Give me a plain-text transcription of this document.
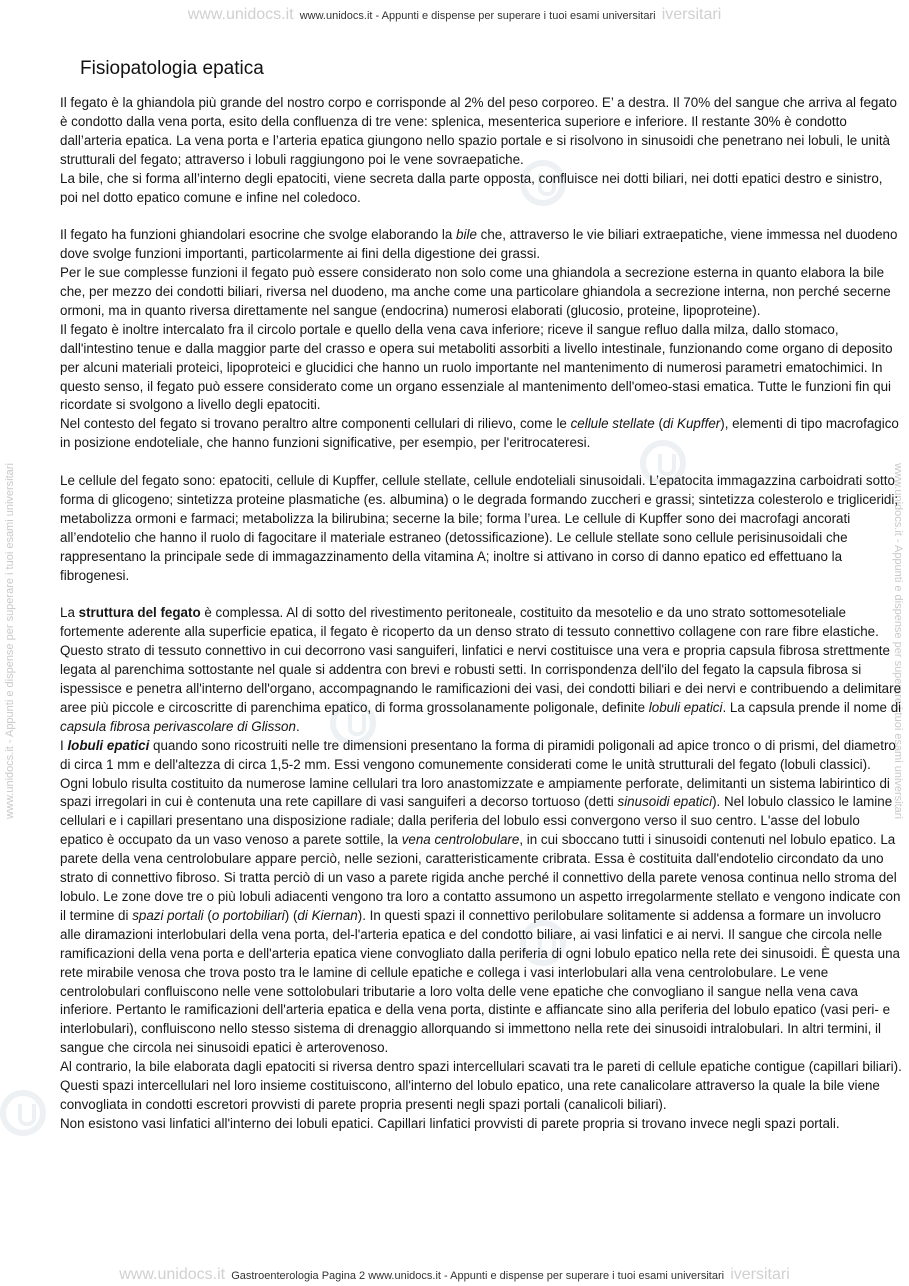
www.unidocs.it www.unidocs.it - Appunti e dispense per superare i tuoi esami universitari iversitari
www.unidocs.it - Appunti e dispense per superare i tuoi esami universitari	www.unidocs.it - Appunti e dispense per superare i tuoi esami universitari
Fisiopatologia epatica

Il fegato è la ghiandola più grande del nostro corpo e corrisponde al 2% del peso corporeo. E’ a destra. Il 70% del sangue che arriva al fegato è condotto dalla vena porta, esito della confluenza di tre vene: splenica, mesenterica superiore e inferiore. Il restante 30% è condotto dall’arteria epatica. La vena porta e l’arteria epatica giungono nello spazio portale e si risolvono in sinusoidi che penetrano nei lobuli, le unità strutturali del fegato; attraverso i lobuli raggiungono poi le vene sovraepatiche.

La bile, che si forma all’interno degli epatociti, viene secreta dalla parte opposta, confluisce nei dotti biliari, nei dotti epatici destro e sinistro, poi nel dotto epatico comune e infine nel coledoco.

Il fegato ha funzioni ghiandolari esocrine che svolge elaborando la bile che, attraverso le vie biliari extraepatiche, viene immessa nel duodeno dove svolge funzioni importanti, particolarmente ai fini della digestione dei grassi.

Per le sue complesse funzioni il fegato può essere considerato non solo come una ghiandola a secrezione esterna in quanto elabora la bile che, per mezzo dei condotti biliari, riversa nel duodeno, ma anche come una particolare ghiandola a secrezione interna, non perché secerne ormoni, ma in quanto riversa direttamente nel sangue (endocrina) numerosi elaborati (glucosio, proteine, lipoproteine).

Il fegato è inoltre intercalato fra il circolo portale e quello della vena cava inferiore; riceve il sangue refluo dalla milza, dallo stomaco, dall'intestino tenue e dalla maggior parte del crasso e opera sui metaboliti assorbiti a livello intestinale, funzionando come organo di deposito per alcuni materiali proteici, lipoproteici e glucidici che hanno un ruolo importante nel mantenimento di numerosi parametri ematochimici. In questo senso, il fegato può essere considerato come un organo essenziale al mantenimento dell'omeo-stasi ematica. Tutte le funzioni fin qui ricordate si svolgono a livello degli epatociti.

Nel contesto del fegato si trovano peraltro altre componenti cellulari di rilievo, come le cellule stellate (di Kupffer), elementi di tipo macrofagico in posizione endoteliale, che hanno funzioni significative, per esempio, per l'eritrocateresi.

Le cellule del fegato sono: epatociti, cellule di Kupffer, cellule stellate, cellule endoteliali sinusoidali. L’epatocita immagazzina carboidrati sotto forma di glicogeno; sintetizza proteine plasmatiche (es. albumina) o le degrada formando zuccheri e grassi; sintetizza colesterolo e trigliceridi; metabolizza ormoni e farmaci; metabolizza la bilirubina; secerne la bile; forma l’urea. Le cellule di Kupffer sono dei macrofagi ancorati all’endotelio che hanno il ruolo di fagocitare il materiale estraneo (detossificazione). Le cellule stellate sono cellule perisinusoidali che rappresentano la principale sede di immagazzinamento della vitamina A; inoltre si attivano in corso di danno epatico ed effettuano la fibrogenesi.

La struttura del fegato è complessa. Al di sotto del rivestimento peritoneale, costituito da mesotelio e da uno strato sottomesoteliale fortemente aderente alla superficie epatica, il fegato è ricoperto da un denso strato di tessuto connettivo collagene con rare fibre elastiche.

Questo strato di tessuto connettivo in cui decorrono vasi sanguiferi, linfatici e nervi costituisce una vera e propria capsula fibrosa strettmente legata al parenchima sottostante nel quale si addentra con brevi e robusti setti. In corrispondenza dell'ilo del fegato la capsula fibrosa si ispessisce e penetra all'interno dell'organo, accompagnando le ramificazioni dei vasi, dei condotti biliari e dei nervi e contribuendo a delimitare aree più piccole e circoscritte di parenchima epatico, di forma grossolanamente poligonale, definite lobuli epatici. La capsula prende il nome di capsula fibrosa perivascolare di Glisson.

I lobuli epatici quando sono ricostruiti nelle tre dimensioni presentano la forma di piramidi poligonali ad apice tronco o di prismi, del diametro di circa 1 mm e dell'altezza di circa 1,5-2 mm. Essi vengono comunemente considerati come le unità strutturali del fegato (lobuli classici).

Ogni lobulo risulta costituito da numerose lamine cellulari tra loro anastomizzate e ampiamente perforate, delimitanti un sistema labirintico di spazi irregolari in cui è contenuta una rete capillare di vasi sanguiferi a decorso tortuoso (detti sinusoidi epatici). Nel lobulo classico le lamine cellulari e i capillari presentano una disposizione radiale; dalla periferia del lobulo essi convergono verso il suo centro. L'asse del lobulo epatico è occupato da un vaso venoso a parete sottile, la vena centrolobulare, in cui sboccano tutti i sinusoidi contenuti nel lobulo epatico. La parete della vena centrolobulare appare perciò, nelle sezioni, caratteristicamente cribrata. Essa è costituita dall'endotelio circondato da uno strato di connettivo fibroso. Si tratta perciò di un vaso a parete rigida anche perché il connettivo della parete venosa continua nello stroma del lobulo. Le zone dove tre o più lobuli adiacenti vengono tra loro a contatto assumono un aspetto irregolarmente stellato e vengono indicate con il termine di spazi portali (o portobiliari) (di Kiernan). In questi spazi il connettivo perilobulare solitamente si addensa a formare un involucro alle diramazioni interlobulari della vena porta, del-l'arteria epatica e del condotto biliare, ai vasi linfatici e ai nervi. Il sangue che circola nelle ramificazioni della vena porta e dell'arteria epatica viene convogliato dalla periferia di ogni lobulo epatico nella rete dei sinusoidi. È questa una rete mirabile venosa che trova posto tra le lamine di cellule epatiche e collega i vasi interlobulari alla vena centrolobulare. Le vene centrolobulari confluiscono nelle vene sottolobulari tributarie a loro volta delle vene epatiche che convogliano il sangue nella vena cava inferiore. Pertanto le ramificazioni dell'arteria epatica e della vena porta, distinte e affiancate sino alla periferia del lobulo epatico (vasi peri- e interlobulari), confluiscono nello stesso sistema di drenaggio allorquando si immettono nella rete dei sinusoidi intralobulari. In altri termini, il sangue che circola nei sinusoidi epatici è arterovenoso.

Al contrario, la bile elaborata dagli epatociti si riversa dentro spazi intercellulari scavati tra le pareti di cellule epatiche contigue (capillari biliari). Questi spazi intercellulari nel loro insieme costituiscono, all'interno del lobulo epatico, una rete canalicolare attraverso la quale la bile viene convogliata in condotti escretori provvisti di parete propria presenti negli spazi portali (canalicoli biliari).

Non esistono vasi linfatici all'interno dei lobuli epatici. Capillari linfatici provvisti di parete propria si trovano invece negli spazi portali.

www.unidocs.it Gastroenterologia Pagina 2 www.unidocs.it - Appunti e dispense per superare i tuoi esami universitari iversitari
